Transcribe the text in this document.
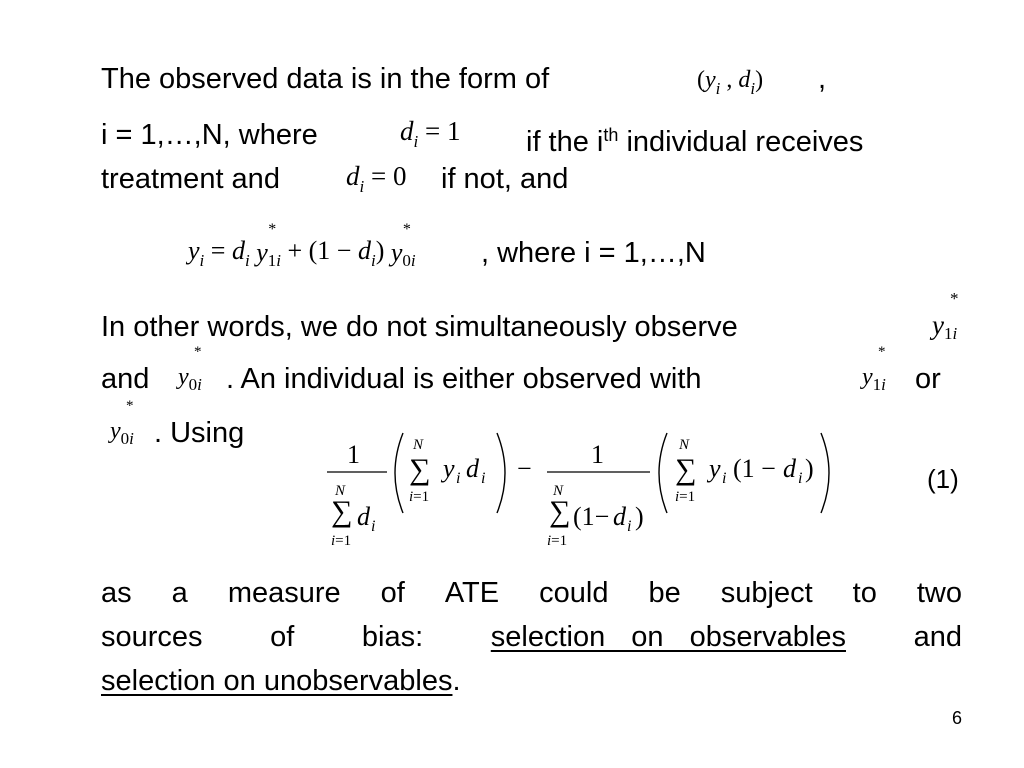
The observed data is in the form of	($y_i$ , $d_i$) ,
i = 1,…,N, where	$d_i = 1$ if the $i^{th}$ individual receives
treatment and $d_i = 0$ if not, and
$y_i = d_i$ y
*
$_{1i} + (1 - d_i)$ y
*
$_{0i}$ , where i = 1,…,N
In other words, we do not simultaneously observe	y
*
$_{1i}$
and y
*
$_{0i}$ . An individual is either observed with	y
*
$_{1i}$ or
y
*
$_{0i}$ . Using
1
N
∑ d i
i=1
N
∑
i=1
y i d i − 1
N
∑ (1− d i )
i=1
N
∑
i=1
y i (1 − d i )	(1)
as a measure of ATE could be subject to two
sources of bias: selection on observables and
selection on unobservables.
6
